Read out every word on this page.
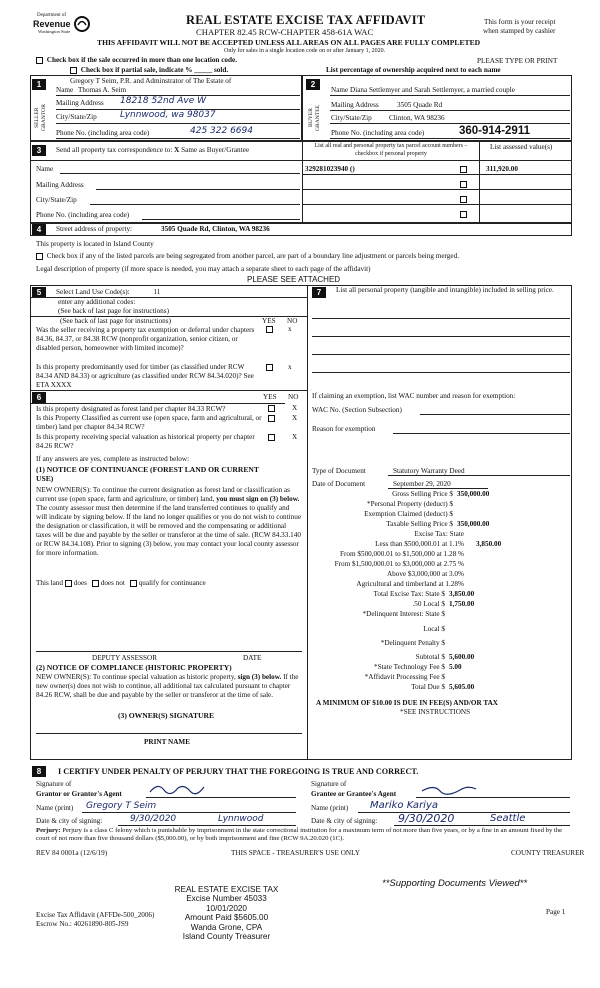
Department of
Revenue
Washington State
REAL ESTATE EXCISE TAX AFFIDAVIT
CHAPTER 82.45 RCW-CHAPTER 458-61A WAC
THIS AFFIDAVIT WILL NOT BE ACCEPTED UNLESS ALL AREAS ON ALL PAGES ARE FULLY COMPLETED
Only for sales in a single location code on or after January 1, 2020.
This form is your receipt
when stamped by cashier
PLEASE TYPE OR PRINT
Check box if the sale occurred in more than one location code.
Check box if partial sale, indicate % _____ sold.	List percentage of ownership acquired next to each name
1	2
SELLER GRANTOR	BUYER GRANTEE
Gregory T Seim, P.R. and Adminstrator of The Estate of
Name Thomas A. Seim
Mailing Address 18218 52nd Ave W
City/State/Zip	Lynnwood, wa 98037
Phone No. (including area code)	425 322 6694
Name Diana Settlemyer and Sarah Settlemyer, a married couple
Mailing Address	3505 Quade Rd
City/State/Zip Clinton, WA 98236
Phone No. (including area code)	360-914-2911
3	Send all property tax correspondence to: X Same as Buyer/Grantee	List all real and personal property tax parcel account numbers – checkbox if personal property
List assessed value(s)
Name
Mailing Address
City/State/Zip
Phone No. (including area code)
329281023940 ()	311,920.00
4	Street address of property:	3505 Quade Rd, Clinton, WA 98236
This property is located in Island County
Check box if any of the listed parcels are being segregated from another parcel, are part of a boundary line adjustment or parcels being merged.
Legal description of property (if more space is needed, you may attach a separate sheet to each page of the affidavit)
PLEASE SEE ATTACHED
5	Select Land Use Code(s):	11
enter any additional codes:
(See back of last page for instructions)
(See back of last page for instructions)	YES NO
Was the seller receiving a property tax exemption or deferral under chapters 84.36, 84.37, or 84.38 RCW (nonprofit organization, senior citizen, or disabled person, homeowner with limited income)?
x
Is this property predominantly used for timber (as classified under RCW 84.34 AND 84.33) or agriculture (as classified under RCW 84.34.020)? See ETA XXXX
x
6	YES NO
Is this property designated as forest land per chapter 84.33 RCW?	X
Is this Property Classified as current use (open space, farm and agricultural, or timber) land per chapter 84.34 RCW?
X
Is this property receiving special valuation as historical property per chapter 84.26 RCW?
X
If any answers are yes, complete as instructed below:
(1) NOTICE OF CONTINUANCE (FOREST LAND OR CURRENT USE)
NEW OWNER(S): To continue the current designation as forest land or classification as current use (open space, farm and agriculture, or timber) land, you must sign on (3) below. The county assessor must then determine if the land transferred continues to qualify and will indicate by signing below. If the land no longer qualifies or you do not wish to continue the designation or classification, it will be removed and the compensating or additional taxes will be due and payable by the seller or transferor at the time of sale. (RCW 84.33.140 or RCW 84.34.108). Prior to signing (3) below, you may contact your local county assessor for more information.
This land does does not qualify for continuance
DEPUTY ASSESSOR	DATE
(2) NOTICE OF COMPLIANCE (HISTORIC PROPERTY)
NEW OWNER(S): To continue special valuation as historic property, sign (3) below. If the new owner(s) does not wish to continue, all additional tax calculated pursuant to chapter 84.26 RCW, shall be due and payable by the seller or transferor at the time of sale.
(3) OWNER(S) SIGNATURE
PRINT NAME
7	List all personal property (tangible and intangible) included in selling price.
If claiming an exemption, list WAC number and reason for exemption:
WAC No. (Section Subsection)
Reason for exemption
Type of Document	Statutory Warranty Deed
Date of Document	September 29, 2020
Gross Selling Price $ 350,000.00
*Personal Property (deduct) $
Exemption Claimed (deduct) $
Taxable Selling Price $ 350,000.00
Excise Tax: State
Less than $500,000.01 at 1.1% 3,850.00
From $500,000.01 to $1,500,000 at 1.28 %
From $1,500,000.01 to $3,000,000 at 2.75 %
Above $3,000,000 at 3.0%
Agricultural and timberland at 1.28%
Total Excise Tax: State $ 3,850.00
.50 Local $ 1,750.00
*Delinquent Interest: State $
Local $
*Delinquent Penalty $
Subtotal $ 5,600.00
*State Technology Fee $ 5.00
*Affidavit Processing Fee $
Total Due $ 5,605.00
A MINIMUM OF $10.00 IS DUE IN FEE(S) AND/OR TAX
*SEE INSTRUCTIONS
8	I CERTIFY UNDER PENALTY OF PERJURY THAT THE FOREGOING IS TRUE AND CORRECT.
Signature of
Grantor or Grantor's Agent
Signature of
Grantee or Grantee's Agent
Name (print) Gregory T Seim	Name (print) Mariko Kariya
Date & city of signing:	9/30/2020	Lynnwood	Date & city of signing: 9/30/2020	Seattle
Perjury: Perjury is a class C felony which is punishable by imprisonment in the state correctional institution for a maximum term of not more than five years, or by a fine in an amount fixed by the court of not more than five thousand dollars ($5,000.00), or by both imprisonment and fine (RCW 9A.20.020 (1C).
REV 84 0001a (12/6/19)	THIS SPACE - TREASURER'S USE ONLY	COUNTY TREASURER
**Supporting Documents Viewed**
REAL ESTATE EXCISE TAX
Excise Number 45033
10/01/2020
Amount Paid $5605.00
Wanda Grone, CPA
Island County Treasurer
Excise Tax Affidavit (AFFDe-500_2006)
Escrow No.: 40261890-805-JS9
Page 1
